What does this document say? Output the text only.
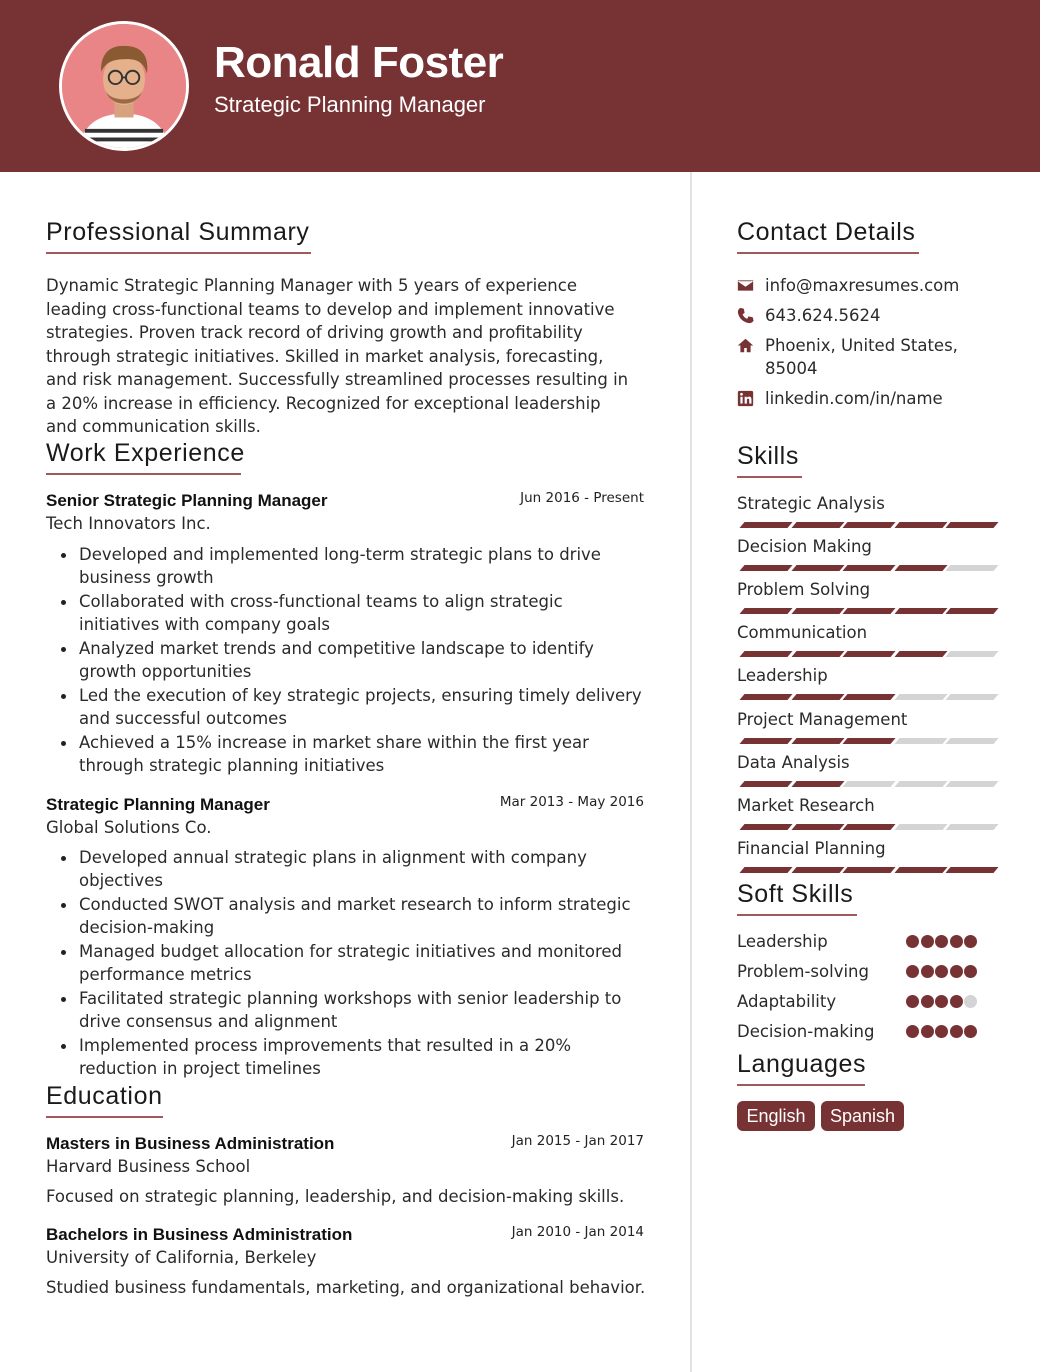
Ronald Foster
Strategic Planning Manager
Professional Summary
Dynamic Strategic Planning Manager with 5 years of experience leading cross-functional teams to develop and implement innovative strategies. Proven track record of driving growth and profitability through strategic initiatives. Skilled in market analysis, forecasting, and risk management. Successfully streamlined processes resulting in a 20% increase in efficiency. Recognized for exceptional leadership and communication skills.
Work Experience
Senior Strategic Planning Manager	Jun 2016 - Present
Tech Innovators Inc.
Developed and implemented long-term strategic plans to drive business growth
Collaborated with cross-functional teams to align strategic initiatives with company goals
Analyzed market trends and competitive landscape to identify growth opportunities
Led the execution of key strategic projects, ensuring timely delivery and successful outcomes
Achieved a 15% increase in market share within the first year through strategic planning initiatives
Strategic Planning Manager	Mar 2013 - May 2016
Global Solutions Co.
Developed annual strategic plans in alignment with company objectives
Conducted SWOT analysis and market research to inform strategic decision-making
Managed budget allocation for strategic initiatives and monitored performance metrics
Facilitated strategic planning workshops with senior leadership to drive consensus and alignment
Implemented process improvements that resulted in a 20% reduction in project timelines
Education
Masters in Business Administration	Jan 2015 - Jan 2017
Harvard Business School
Focused on strategic planning, leadership, and decision-making skills.
Bachelors in Business Administration	Jan 2010 - Jan 2014
University of California, Berkeley
Studied business fundamentals, marketing, and organizational behavior.
Contact Details
info@maxresumes.com
643.624.5624
Phoenix, United States, 85004
linkedin.com/in/name
Skills
Strategic Analysis
Decision Making
Problem Solving
Communication
Leadership
Project Management
Data Analysis
Market Research
Financial Planning
Soft Skills
Leadership
Problem-solving
Adaptability
Decision-making
Languages
English	Spanish
